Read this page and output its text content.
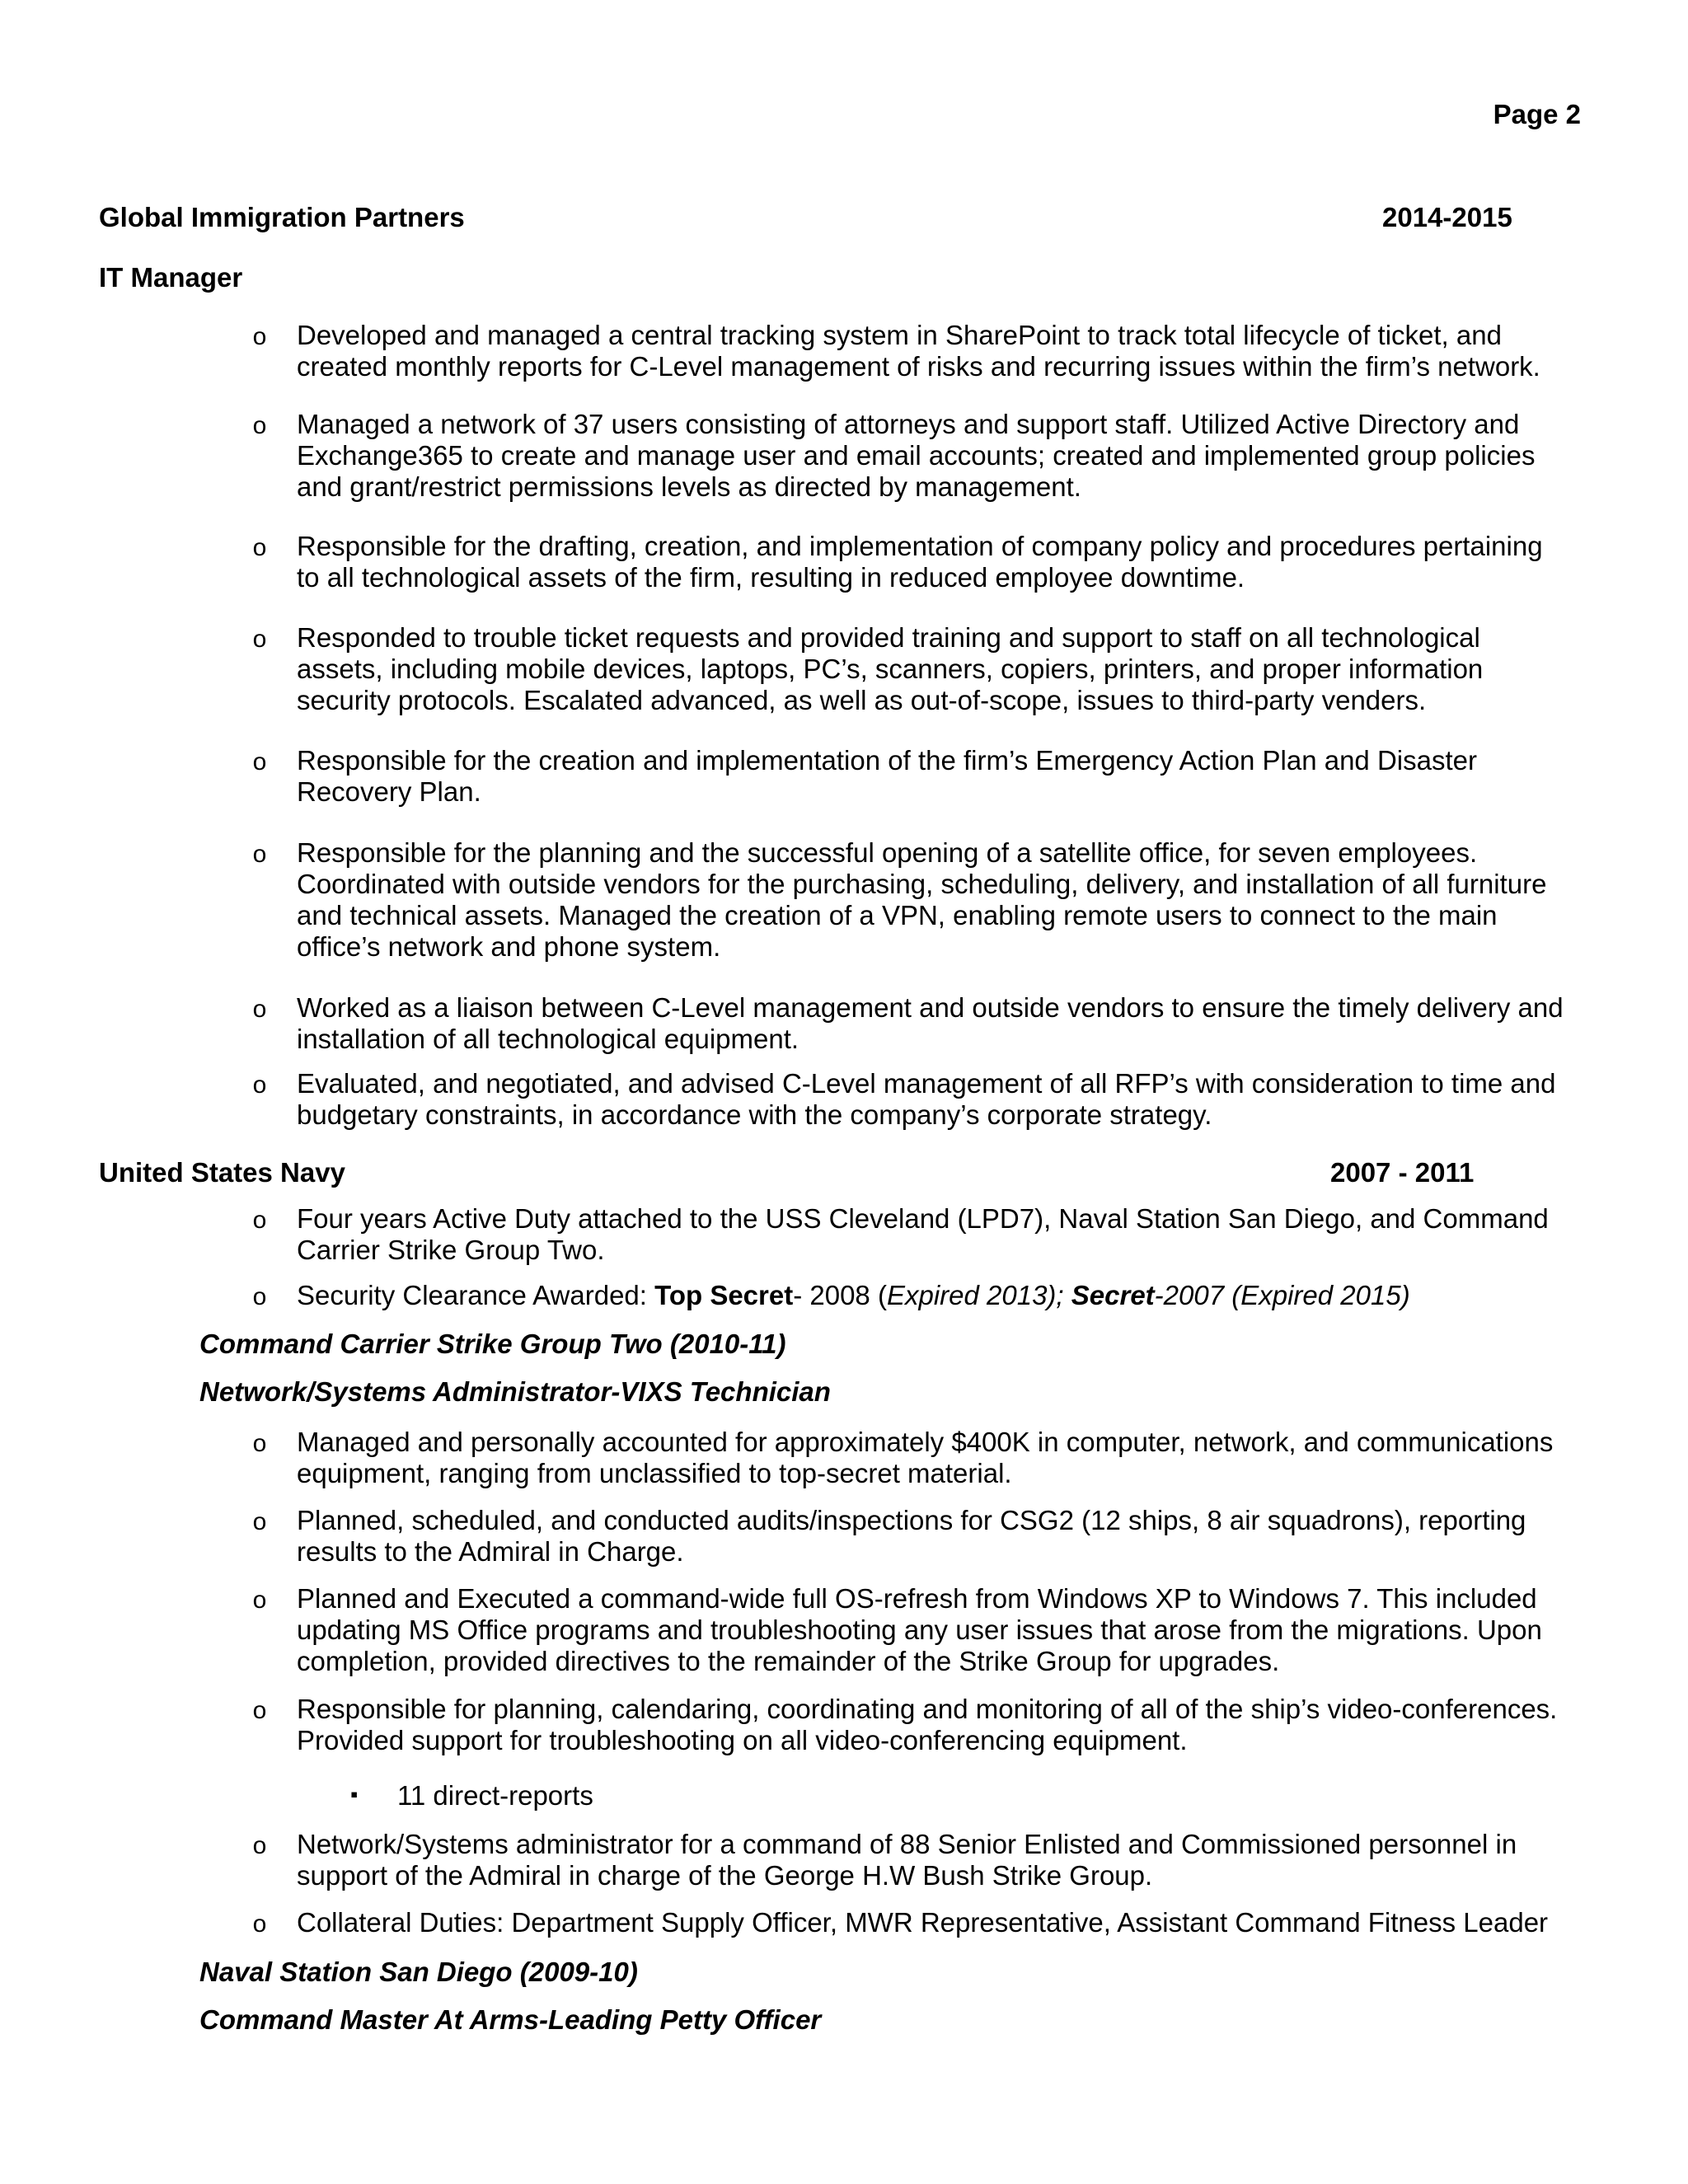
Page 2
Global Immigration Partners	2014-2015
IT Manager
o Developed and managed a central tracking system in SharePoint to track total lifecycle of ticket, and
created monthly reports for C-Level management of risks and recurring issues within the firm’s network.
o Managed a network of 37 users consisting of attorneys and support staff. Utilized Active Directory and
Exchange365 to create and manage user and email accounts; created and implemented group policies
and grant/restrict permissions levels as directed by management.
o Responsible for the drafting, creation, and implementation of company policy and procedures pertaining
to all technological assets of the firm, resulting in reduced employee downtime.
o Responded to trouble ticket requests and provided training and support to staff on all technological
assets, including mobile devices, laptops, PC’s, scanners, copiers, printers, and proper information
security protocols. Escalated advanced, as well as out-of-scope, issues to third-party venders.
o Responsible for the creation and implementation of the firm’s Emergency Action Plan and Disaster
Recovery Plan.
o Responsible for the planning and the successful opening of a satellite office, for seven employees.
Coordinated with outside vendors for the purchasing, scheduling, delivery, and installation of all furniture
and technical assets. Managed the creation of a VPN, enabling remote users to connect to the main
office’s network and phone system.
o Worked as a liaison between C-Level management and outside vendors to ensure the timely delivery and
installation of all technological equipment.
o Evaluated, and negotiated, and advised C-Level management of all RFP’s with consideration to time and
budgetary constraints, in accordance with the company’s corporate strategy.
United States Navy	2007 - 2011
o Four years Active Duty attached to the USS Cleveland (LPD7), Naval Station San Diego, and Command
Carrier Strike Group Two.
o Security Clearance Awarded: Top Secret- 2008 (Expired 2013); Secret-2007 (Expired 2015)
Command Carrier Strike Group Two (2010-11)
Network/Systems Administrator-VIXS Technician
o Managed and personally accounted for approximately $400K in computer, network, and communications
equipment, ranging from unclassified to top-secret material.
o Planned, scheduled, and conducted audits/inspections for CSG2 (12 ships, 8 air squadrons), reporting
results to the Admiral in Charge.
o Planned and Executed a command-wide full OS-refresh from Windows XP to Windows 7. This included
updating MS Office programs and troubleshooting any user issues that arose from the migrations. Upon
completion, provided directives to the remainder of the Strike Group for upgrades.
o Responsible for planning, calendaring, coordinating and monitoring of all of the ship’s video-conferences.
Provided support for troubleshooting on all video-conferencing equipment.
▪ 11 direct-reports
o Network/Systems administrator for a command of 88 Senior Enlisted and Commissioned personnel in
support of the Admiral in charge of the George H.W Bush Strike Group.
o Collateral Duties: Department Supply Officer, MWR Representative, Assistant Command Fitness Leader
Naval Station San Diego (2009-10)
Command Master At Arms-Leading Petty Officer
